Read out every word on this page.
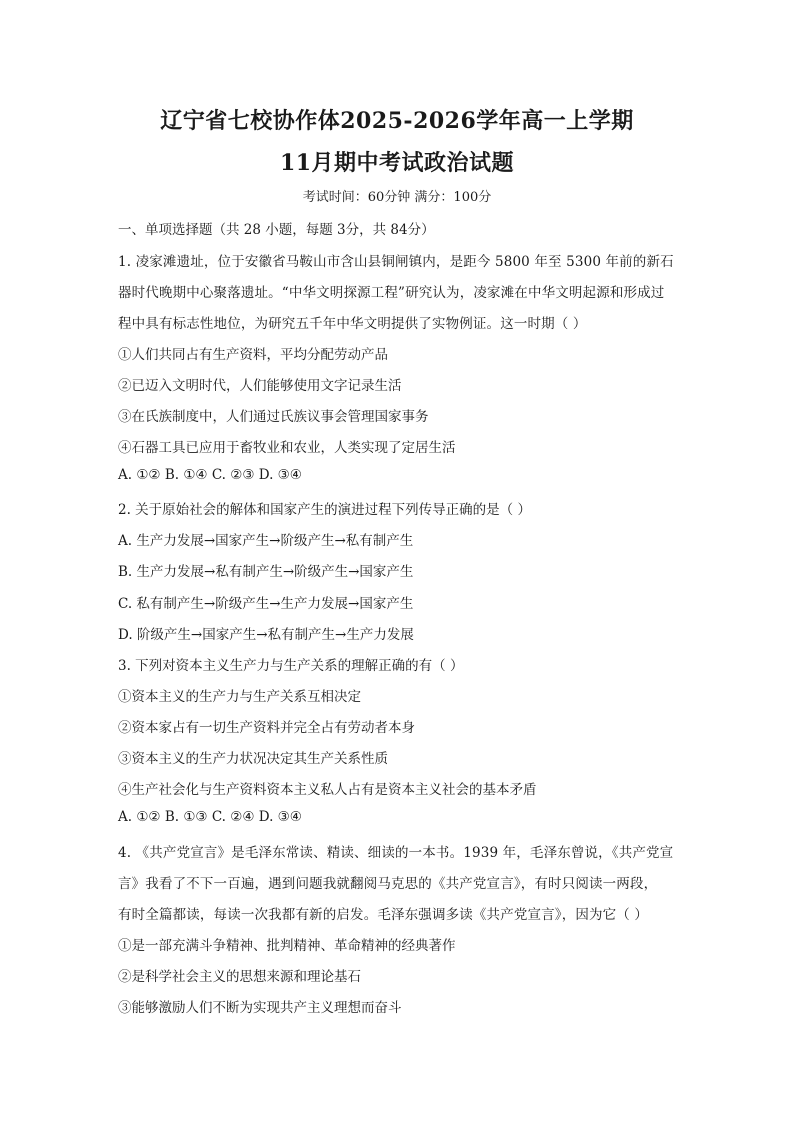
辽宁省七校协作体2025-2026学年高一上学期
11月期中考试政治试题
考试时间：60分钟 满分：100分
一、单项选择题（共 28 小题，每题 3分，共 84分）
1. 凌家滩遗址，位于安徽省马鞍山市含山县铜闸镇内，是距今 5800 年至 5300 年前的新石
器时代晚期中心聚落遗址。“中华文明探源工程”研究认为，凌家滩在中华文明起源和形成过
程中具有标志性地位，为研究五千年中华文明提供了实物例证。这一时期（ ）
①人们共同占有生产资料，平均分配劳动产品
②已迈入文明时代，人们能够使用文字记录生活
③在氏族制度中，人们通过氏族议事会管理国家事务
④石器工具已应用于畜牧业和农业，人类实现了定居生活
A. ①② B. ①④ C. ②③ D. ③④
2. 关于原始社会的解体和国家产生的演进过程下列传导正确的是（ ）
A. 生产力发展→国家产生→阶级产生→私有制产生
B. 生产力发展→私有制产生→阶级产生→国家产生
C. 私有制产生→阶级产生→生产力发展→国家产生
D. 阶级产生→国家产生→私有制产生→生产力发展
3. 下列对资本主义生产力与生产关系的理解正确的有（ ）
①资本主义的生产力与生产关系互相决定
②资本家占有一切生产资料并完全占有劳动者本身
③资本主义的生产力状况决定其生产关系性质
④生产社会化与生产资料资本主义私人占有是资本主义社会的基本矛盾
A. ①② B. ①③ C. ②④ D. ③④
4. 《共产党宣言》是毛泽东常读、精读、细读的一本书。1939 年，毛泽东曾说，《共产党宣
言》我看了不下一百遍，遇到问题我就翻阅马克思的《共产党宣言》，有时只阅读一两段，
有时全篇都读，每读一次我都有新的启发。毛泽东强调多读《共产党宣言》，因为它（ ）
①是一部充满斗争精神、批判精神、革命精神的经典著作
②是科学社会主义的思想来源和理论基石
③能够激励人们不断为实现共产主义理想而奋斗
